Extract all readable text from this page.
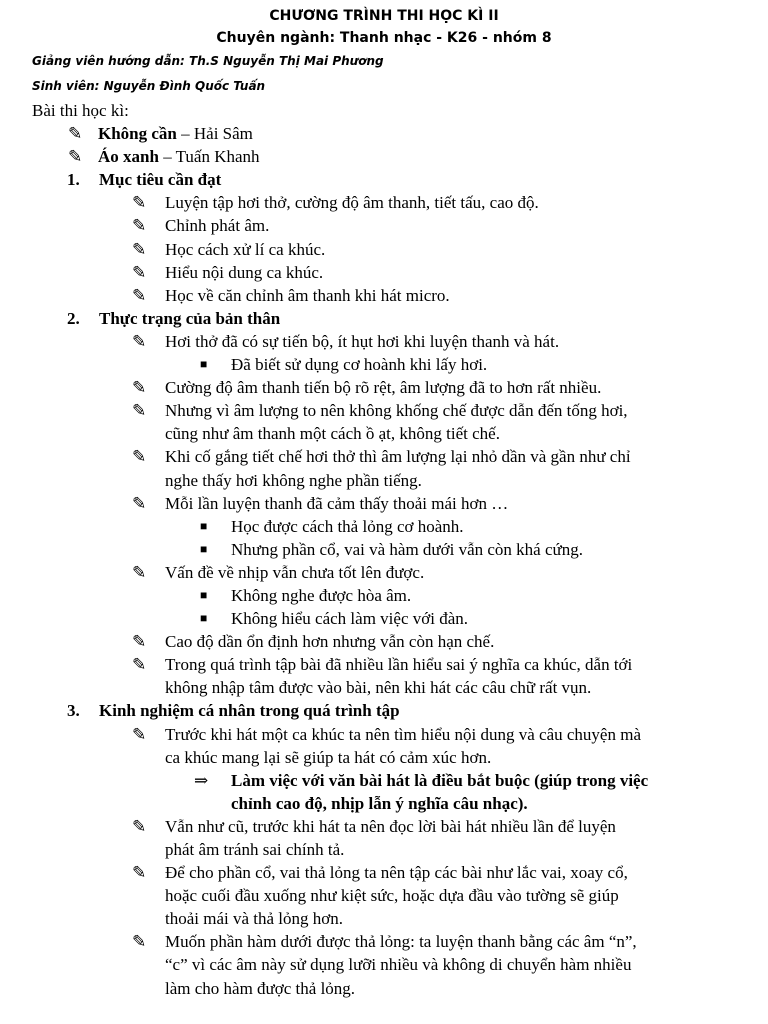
CHƯƠNG TRÌNH THI HỌC KÌ II

Chuyên ngành: Thanh nhạc - K26 - nhóm 8

Giảng viên hướng dẫn: Th.S Nguyễn Thị Mai Phương

Sinh viên: Nguyễn Đình Quốc Tuấn

Bài thi học kì:

✎ Không cần – Hải Sâm

✎ Áo xanh – Tuấn Khanh

1. Mục tiêu cần đạt

✎ Luyện tập hơi thở, cường độ âm thanh, tiết tấu, cao độ.

✎ Chỉnh phát âm.

✎ Học cách xử lí ca khúc.

✎ Hiểu nội dung ca khúc.

✎ Học về căn chỉnh âm thanh khi hát micro.

2. Thực trạng của bản thân

✎ Hơi thở đã có sự tiến bộ, ít hụt hơi khi luyện thanh và hát.

■ Đã biết sử dụng cơ hoành khi lấy hơi.

✎ Cường độ âm thanh tiến bộ rõ rệt, âm lượng đã to hơn rất nhiều.

✎ Nhưng vì âm lượng to nên không khống chế được dẫn đến tống hơi,

cũng như âm thanh một cách ồ ạt, không tiết chế.

✎ Khi cố gắng tiết chế hơi thở thì âm lượng lại nhỏ dần và gần như chỉ

nghe thấy hơi không nghe phần tiếng.

✎ Mỗi lần luyện thanh đã cảm thấy thoải mái hơn …

■ Học được cách thả lỏng cơ hoành.

■ Nhưng phần cổ, vai và hàm dưới vẫn còn khá cứng.

✎ Vấn đề về nhịp vẫn chưa tốt lên được.

■ Không nghe được hòa âm.

■ Không hiểu cách làm việc với đàn.

✎ Cao độ dần ổn định hơn nhưng vẫn còn hạn chế.

✎ Trong quá trình tập bài đã nhiều lần hiểu sai ý nghĩa ca khúc, dẫn tới

không nhập tâm được vào bài, nên khi hát các câu chữ rất vụn.

3. Kinh nghiệm cá nhân trong quá trình tập

✎ Trước khi hát một ca khúc ta nên tìm hiểu nội dung và câu chuyện mà

ca khúc mang lại sẽ giúp ta hát có cảm xúc hơn.

⇒ Làm việc với văn bài hát là điều bắt buộc (giúp trong việc

chỉnh cao độ, nhịp lẫn ý nghĩa câu nhạc).

✎ Vẫn như cũ, trước khi hát ta nên đọc lời bài hát nhiều lần để luyện

phát âm tránh sai chính tả.

✎ Để cho phần cổ, vai thả lỏng ta nên tập các bài như lắc vai, xoay cổ,

hoặc cuối đầu xuống như kiệt sức, hoặc dựa đầu vào tường sẽ giúp

thoải mái và thả lỏng hơn.

✎ Muốn phần hàm dưới được thả lỏng: ta luyện thanh bằng các âm “n”,

“c” vì các âm này sử dụng lưỡi nhiều và không di chuyển hàm nhiều

làm cho hàm được thả lỏng.
